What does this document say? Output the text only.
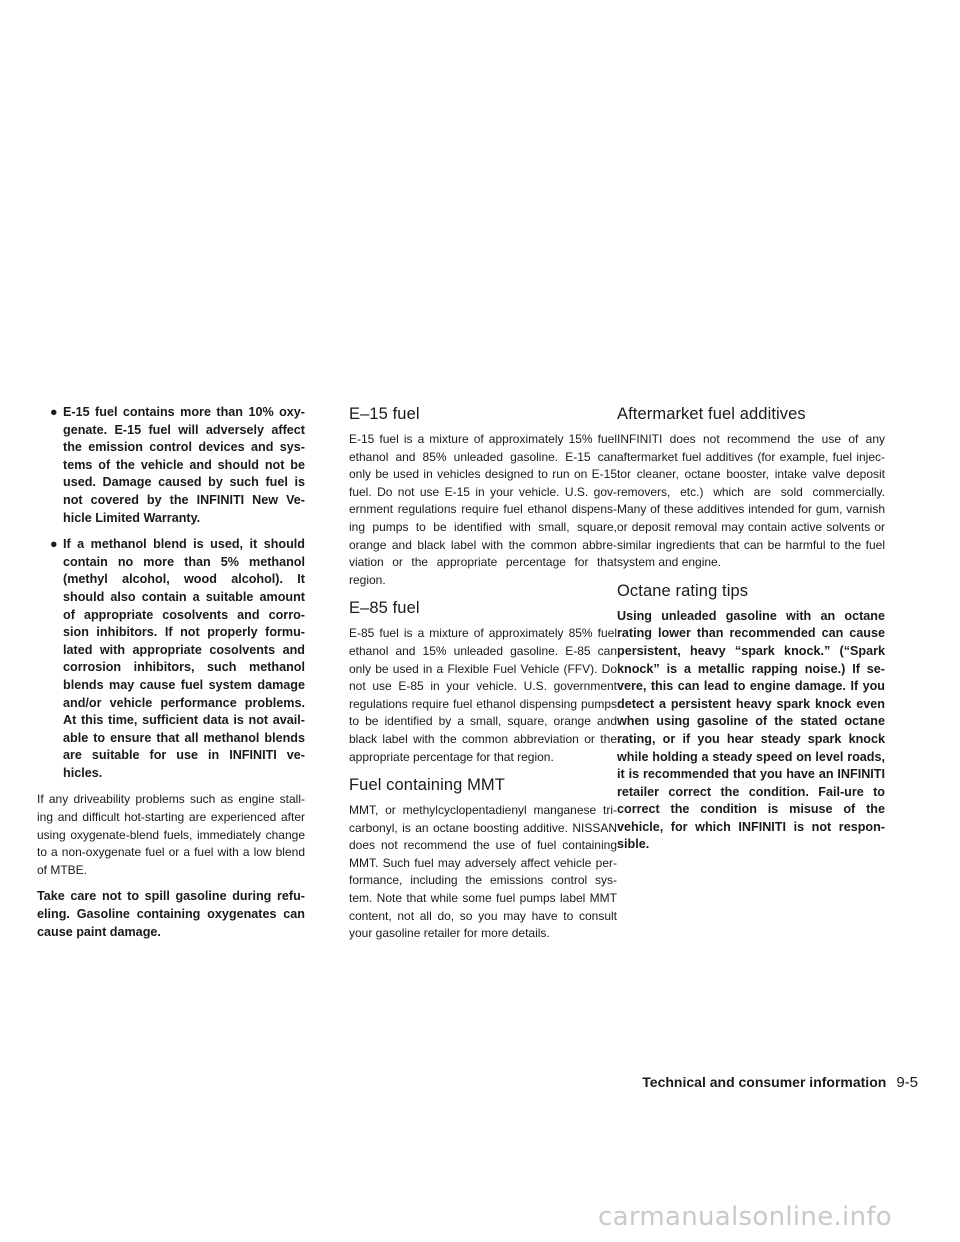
● E-15 fuel contains more than 10% oxy-genate. E-15 fuel will adversely affect the emission control devices and sys-tems of the vehicle and should not be used. Damage caused by such fuel is not covered by the INFINITI New Ve-hicle Limited Warranty.
● If a methanol blend is used, it should contain no more than 5% methanol (methyl alcohol, wood alcohol). It should also contain a suitable amount of appropriate cosolvents and corro-sion inhibitors. If not properly formu-lated with appropriate cosolvents and corrosion inhibitors, such methanol blends may cause fuel system damage and/or vehicle performance problems. At this time, sufficient data is not avail-able to ensure that all methanol blends are suitable for use in INFINITI ve-hicles.

If any driveability problems such as engine stall-ing and difficult hot-starting are experienced after using oxygenate-blend fuels, immediately change to a non-oxygenate fuel or a fuel with a low blend of MTBE.

Take care not to spill gasoline during refu-eling. Gasoline containing oxygenates can cause paint damage.

E–15 fuel

E-15 fuel is a mixture of approximately 15% fuel ethanol and 85% unleaded gasoline. E-15 can only be used in vehicles designed to run on E-15 fuel. Do not use E-15 in your vehicle. U.S. gov-ernment regulations require fuel ethanol dispens-ing pumps to be identified with small, square, orange and black label with the common abbre-viation or the appropriate percentage for that region.

E–85 fuel

E-85 fuel is a mixture of approximately 85% fuel ethanol and 15% unleaded gasoline. E-85 can only be used in a Flexible Fuel Vehicle (FFV). Do not use E-85 in your vehicle. U.S. government regulations require fuel ethanol dispensing pumps to be identified by a small, square, orange and black label with the common abbreviation or the appropriate percentage for that region.

Fuel containing MMT

MMT, or methylcyclopentadienyl manganese tri-carbonyl, is an octane boosting additive. NISSAN does not recommend the use of fuel containing MMT. Such fuel may adversely affect vehicle per-formance, including the emissions control sys-tem. Note that while some fuel pumps label MMT content, not all do, so you may have to consult your gasoline retailer for more details.

Aftermarket fuel additives

INFINITI does not recommend the use of any aftermarket fuel additives (for example, fuel injec-tor cleaner, octane booster, intake valve deposit removers, etc.) which are sold commercially. Many of these additives intended for gum, varnish or deposit removal may contain active solvents or similar ingredients that can be harmful to the fuel system and engine.

Octane rating tips

Using unleaded gasoline with an octane rating lower than recommended can cause persistent, heavy “spark knock.” (“Spark knock” is a metallic rapping noise.) If se-vere, this can lead to engine damage. If you detect a persistent heavy spark knock even when using gasoline of the stated octane rating, or if you hear steady spark knock while holding a steady speed on level roads, it is recommended that you have an INFINITI retailer correct the condition. Fail-ure to correct the condition is misuse of the vehicle, for which INFINITI is not respon-sible.

Technical and consumer information 9-5
carmanualsonline.info
